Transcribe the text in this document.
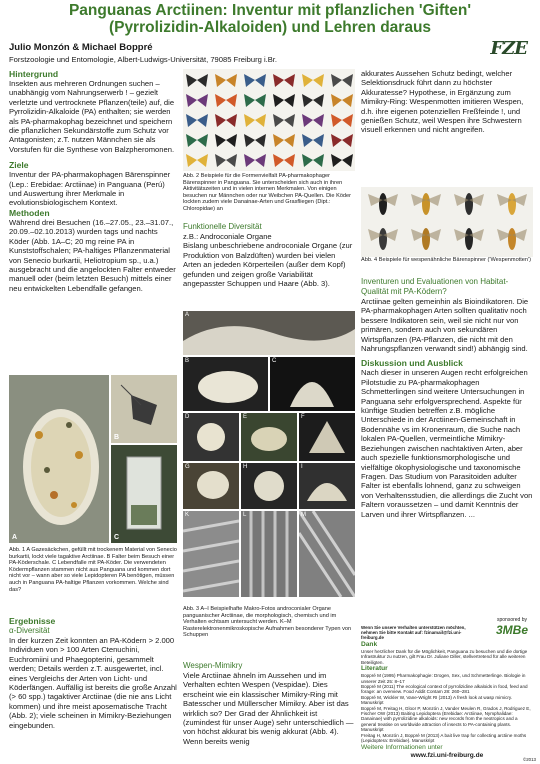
Panguanas Arctiinen: Inventur mit pflanzlichen 'Giften'
(Pyrrolizidin-Alkaloiden) und Lehren daraus
Julio Monzón & Michael Boppré
Forstzoologie und Entomologie, Albert-Ludwigs-Universität, 79085 Freiburg i.Br.
FZE
Hintergrund

Insekten aus mehreren Ordnungen suchen – unabhängig vom Nahrungserwerb ! – gezielt verletzte und vertrocknete Pflanzen(teile) auf, die Pyrrolizidin-Alkaloide (PA) enthalten; sie werden als PA-pharmakophag bezeichnet und speichern die pflanzlichen Sekundärstoffe zum Schutz vor Antagonisten; z.T. nutzen Männchen sie als Vorstufen für die Synthese von Balzpheromonen.

Ziele

Inventur der PA-pharmakophagen Bärenspinner (Lep.: Erebidae: Arctiinae) in Panguana (Perú) und Auswertung ihrer Merkmale in evolutionsbiologischem Kontext.

Methoden

Während drei Besuchen (16.–27.05., 23.–31.07., 20.09.–02.10.2013) wurden tags und nachts Köder (Abb. 1A–C; 20 mg reine PA in Kunststoffschalen; PA-haltiges Pflanzenmaterial von Senecio burkartii, Heliotropium sp., u.a.) ausgebracht und die angelockten Falter entweder manuell oder (beim letzten Besuch) mittels einer neu entwickelten Lebendfalle gefangen.

A
B
C

Abb. 1 A Gazesäckchen, gefüllt mit trockenem Material von Senecio burkartii, lockt viele tagaktive Arctiinae. B Falter beim Besuch einer PA-Köderschale. C Lebendfalle mit PA-Köder. Die verwendeten Ködermpflanzen stammen nicht aus Panguana und kommen dort nicht vor – wann aber so viele Lepidopteren PA benötigen, müssen auch in Panguana PA-haltige Pflanzen vorkommen. Welche sind das?

Ergebnisse
α-Diversität

In der kurzen Zeit konnten an PA-Ködern > 2.000 Individuen von > 100 Arten Ctenuchini, Euchromiini und Phaegopterini, gesammelt werden; Details werden z.T. ausgewertet, incl. eines Vergleichs der Arten von Licht- und Köderfängen. Auffällig ist bereits die große Anzahl (> 60 spp.) tagaktiver Arctiinae (die nie ans Licht kommen) und ihre meist aposematische Tracht (Abb. 2); viele scheinen in Mimikry-Beziehungen eingebunden.

Abb. 2 Beispiele für die Formenvielfalt PA-pharmakophager Bärenspinner in Panguana. Sie unterscheiden sich auch in ihren Aktivitätszeiten und in vielen internen Merkmalen. Von einigen besuchen nur Männchen oder nur Weibchen PA-Quellen. Die Köder lockten zudem viele Danainae-Arten und Grasfliegen (Dipt.: Chloropidae) an

Funktionelle Diversität
z.B.: Androconiale Organe

Bislang unbeschriebene androconiale Organe (zur Produktion von Balzdüften) wurden bei vielen Arten an jededen Körperteilen (außer dem Kopf) gefunden und zeigen große Variabilität angepasster Schuppen und Haare (Abb. 3).

A
B	C
D	E	F
G	H	I
K	L	M

Abb. 3 A–I Beispielhafte Makro-Fotos androconialer Organe panguanischer Arctiinae, die morphologisch, chemisch und im Verhalten echtsam untersucht werden. K–M Rasterelektronenmikroskopische Aufnahmen besonderer Typen von Schuppen

Wespen-Mimikry

Viele Arctiinae ähneln im Aussehen und im Verhalten echten Wespen (Vespidae). Dies erscheint wie ein klassischer Mimikry-Ring mit Batesscher und Müllerscher Mimikry. Aber ist das wirklich so? Der Grad der Ähnlichkeit ist (zumindest für unser Auge) sehr unterschiedlich — von höchst akkurat bis wenig akkurat (Abb. 4). Wenn bereits wenig

akkurates Aussehen Schutz bedingt, welcher Selektionsdruck führt dann zu höchster Akkuratesse? Hypothese, in Ergänzung zum Mimikry-Ring: Wespenmotten imitieren Wespen, d.h. ihre eigenen potenziellen Freßfeinde !, und genießen Schutz, weil Wespen ihre Schwestern visuell erkennen und nicht angreifen.

Abb. 4 Beispiele für wespenähnliche Bärenspinner ('Wespenmotten')

Inventuren und Evaluationen von Habitat-Qualität mit PA-Ködern?

Arctiinae gelten gemeinhin als Bioindikatoren. Die PA-pharmakophagen Arten sollten qualitativ noch bessere Indikatoren sein, weil sie nicht nur von primären, sondern auch von sekundären Wirtspflanzen (PA-Pflanzen, die nicht mit den Nahrungspflanzen verwandt sind!) abhängig sind.

Diskussion und Ausblick

Nach dieser in unseren Augen recht erfolgreichen Pilotstudie zu PA-pharmakophagen Schmetterlingen sind weitere Untersuchungen in Panguana sehr erfolgversprechend. Aspekte für künftige Studien betreffen z.B. mögliche Unterschiede in der Arctiinen-Gemeinschaft in Bodennähe vs im Kronenraum, die Suche nach lokalen PA-Quellen, vermeintliche Mimikry-Beziehungen zwischen nachtaktiven Arten, aber auch spezielle funktionsmorphologische und vielfältige ökophysiologische und taxonomische Fragen. Das Studium von Parasitoiden adulter Falter ist ebenfalls lohnend, ganz zu schweigen von Verhaltensstudien, die allerdings die Zucht von Faltern voraussetzen – und damit Kenntnis der Larven und ihrer Wirtspflanzen. ...

Wenn Sie unsere Verhalten unterstützen möchten, nehmen Sie bitte Kontakt auf: fzinamail@fzi.uni-freiburg.de

sponsored by
3MBe
Dank

Unser herzlicher Dank für die Möglichkeit, Panguana zu besuchen und die dortige Infrastruktur zu nutzen, gilt Frau Dr. Juliane Diller, stellvertretend für alle weiteren Beteiligten.

Literatur

Boppré M (1995) Pharmakophagie: Drogen, Sex, und Schmetterlinge. Biologie in unserer Zeit 25: 8–17

Boppré M (2011) The ecological context of pyrrolizidine alkaloids in food, feed and forage: an overview. Food Addit Contam 28: 260–281

Boppré M, Wickler W, Vane-Wright RI (2013) A fresh look at wasp mimicry. Manuskript

Boppré M, Freitag H, Gloor P, Monzón J, Vander Meulen R, Grados J, Rodriguez E, Fischer OW (2013) Baiting Lepidoptera (Erebidae: Arctiinae, Nymphalidae: Danainae) with pyrrolizidine alkaloids: new records from the neotropics and a general treatise on worldwide attraction of insects to PA-containing plants. Manuskript

Freitag H, Monzón J, Boppré M (2013) A bait live trap for collecting arctiine moths (Lepidoptera: Erebidae). Manuskript

Weitere Informationen unter
www.fzi.uni-freiburg.de
©2013
